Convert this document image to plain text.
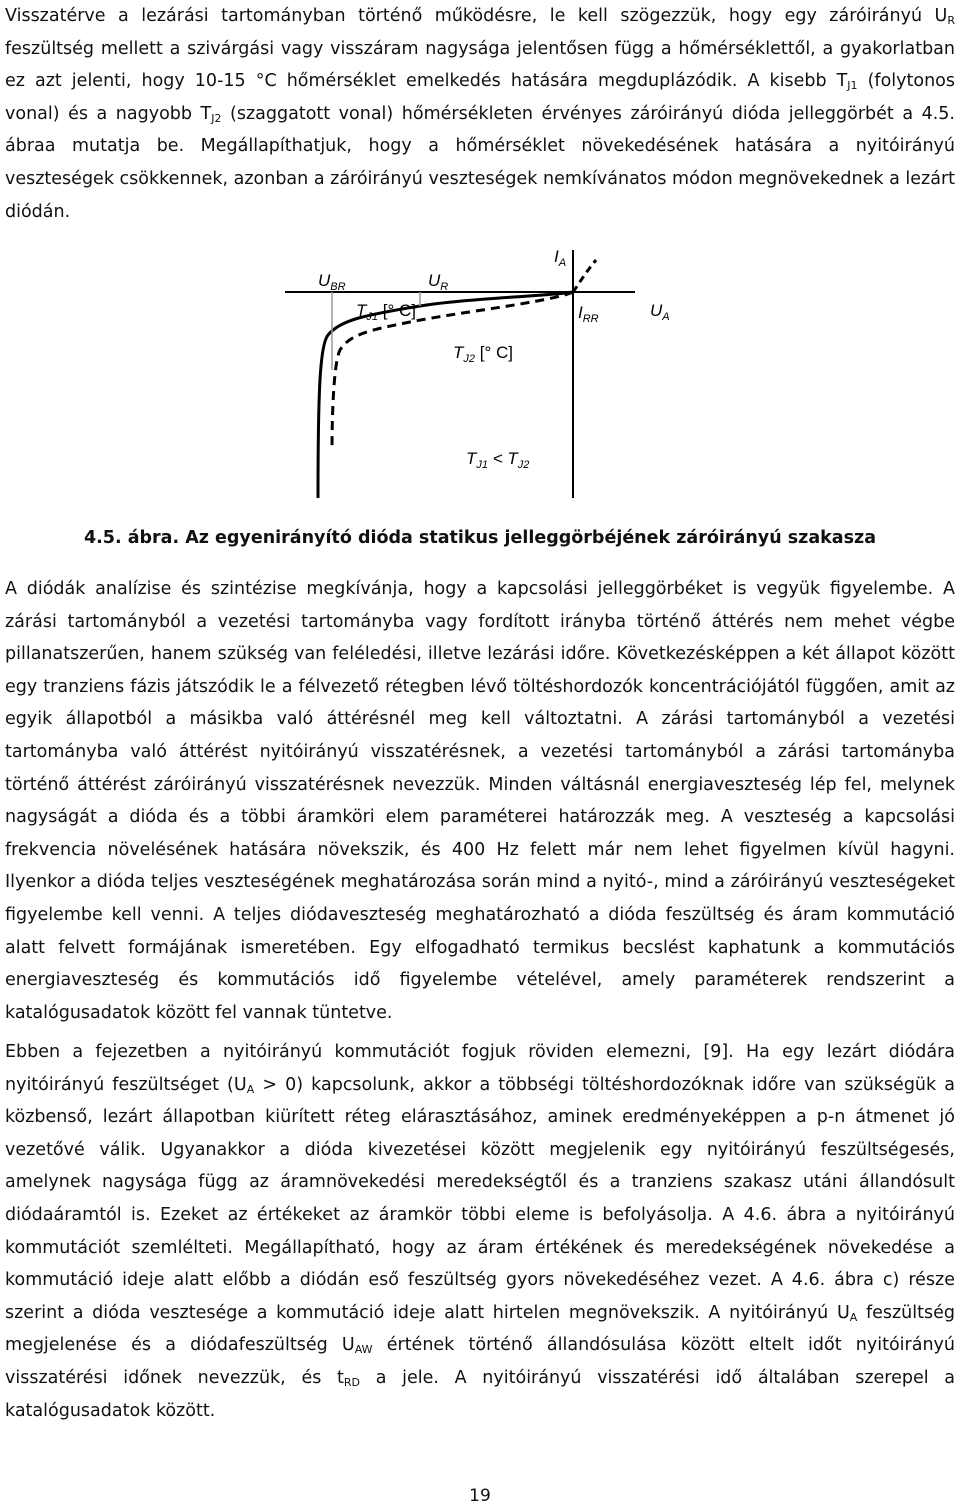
Visszatérve a lezárási tartományban történő működésre, le kell szögezzük, hogy egy záróirányú $U_R$ feszültség mellett a szivárgási vagy visszáram nagysága jelentősen függ a hőmérséklettől, a gyakorlatban ez azt jelenti, hogy 10-15 °C hőmérséklet emelkedés hatására megduplázódik. A kisebb $T_{J1}$ (folytonos vonal) és a nagyobb $T_{J2}$ (szaggatott vonal) hőmérsékleten érvényes záróirányú dióda jelleggörbét a 4.5. ábraa mutatja be. Megállapíthatjuk, hogy a hőmérséklet növekedésének hatására a nyitóirányú veszteségek csökkennek, azonban a záróirányú veszteségek nemkívánatos módon megnövekednek a lezárt diódán.

$I_A$
$U_{BR}$	$U_R$
$T_{J1}$ [° C]	$I_{RR}$	$U_A$
$T_{J2}$ [° C]
$T_{J1} < T_{J2}$

4.5. ábra. Az egyenirányító dióda statikus jelleggörbéjének záróirányú szakasza

A diódák analízise és szintézise megkívánja, hogy a kapcsolási jelleggörbéket is vegyük figyelembe. A zárási tartományból a vezetési tartományba vagy fordított irányba történő áttérés nem mehet végbe pillanatszerűen, hanem szükség van feléledési, illetve lezárási időre. Következésképpen a két állapot között egy tranziens fázis játszódik le a félvezető rétegben lévő töltéshordozók koncentrációjától függően, amit az egyik állapotból a másikba való áttérésnél meg kell változtatni. A zárási tartományból a vezetési tartományba való áttérést nyitóirányú visszatérésnek, a vezetési tartományból a zárási tartományba történő áttérést záróirányú visszatérésnek nevezzük. Minden váltásnál energiaveszteség lép fel, melynek nagyságát a dióda és a többi áramköri elem paraméterei határozzák meg. A veszteség a kapcsolási frekvencia növelésének hatására növekszik, és 400 Hz felett már nem lehet figyelmen kívül hagyni. Ilyenkor a dióda teljes veszteségének meghatározása során mind a nyitó-, mind a záróirányú veszteségeket figyelembe kell venni. A teljes diódaveszteség meghatározható a dióda feszültség és áram kommutáció alatt felvett formájának ismeretében. Egy elfogadható termikus becslést kaphatunk a kommutációs energiaveszteség és kommutációs idő figyelembe vételével, amely paraméterek rendszerint a katalógusadatok között fel vannak tüntetve.

Ebben a fejezetben a nyitóirányú kommutációt fogjuk röviden elemezni, [9]. Ha egy lezárt diódára nyitóirányú feszültséget $(U_A > 0)$ kapcsolunk, akkor a többségi töltéshordozóknak időre van szükségük a közbenső, lezárt állapotban kiürített réteg elárasztásához, aminek eredményeképpen a p-n átmenet jó vezetővé válik. Ugyanakkor a dióda kivezetései között megjelenik egy nyitóirányú feszültségesés, amelynek nagysága függ az áramnövekedési meredekségtől és a tranziens szakasz utáni állandósult diódaáramtól is. Ezeket az értékeket az áramkör többi eleme is befolyásolja. A 4.6. ábra a nyitóirányú kommutációt szemlélteti. Megállapítható, hogy az áram értékének és meredekségének növekedése a kommutáció ideje alatt előbb a diódán eső feszültség gyors növekedéséhez vezet. A 4.6. ábra c) része szerint a dióda vesztesége a kommutáció ideje alatt hirtelen megnövekszik. A nyitóirányú $U_A$ feszültség megjelenése és a diódafeszültség $U_{AW}$ értének történő állandósulása között eltelt időt nyitóirányú visszatérési időnek nevezzük, és $t_{RD}$ a jele. A nyitóirányú visszatérési idő általában szerepel a katalógusadatok között.

19
